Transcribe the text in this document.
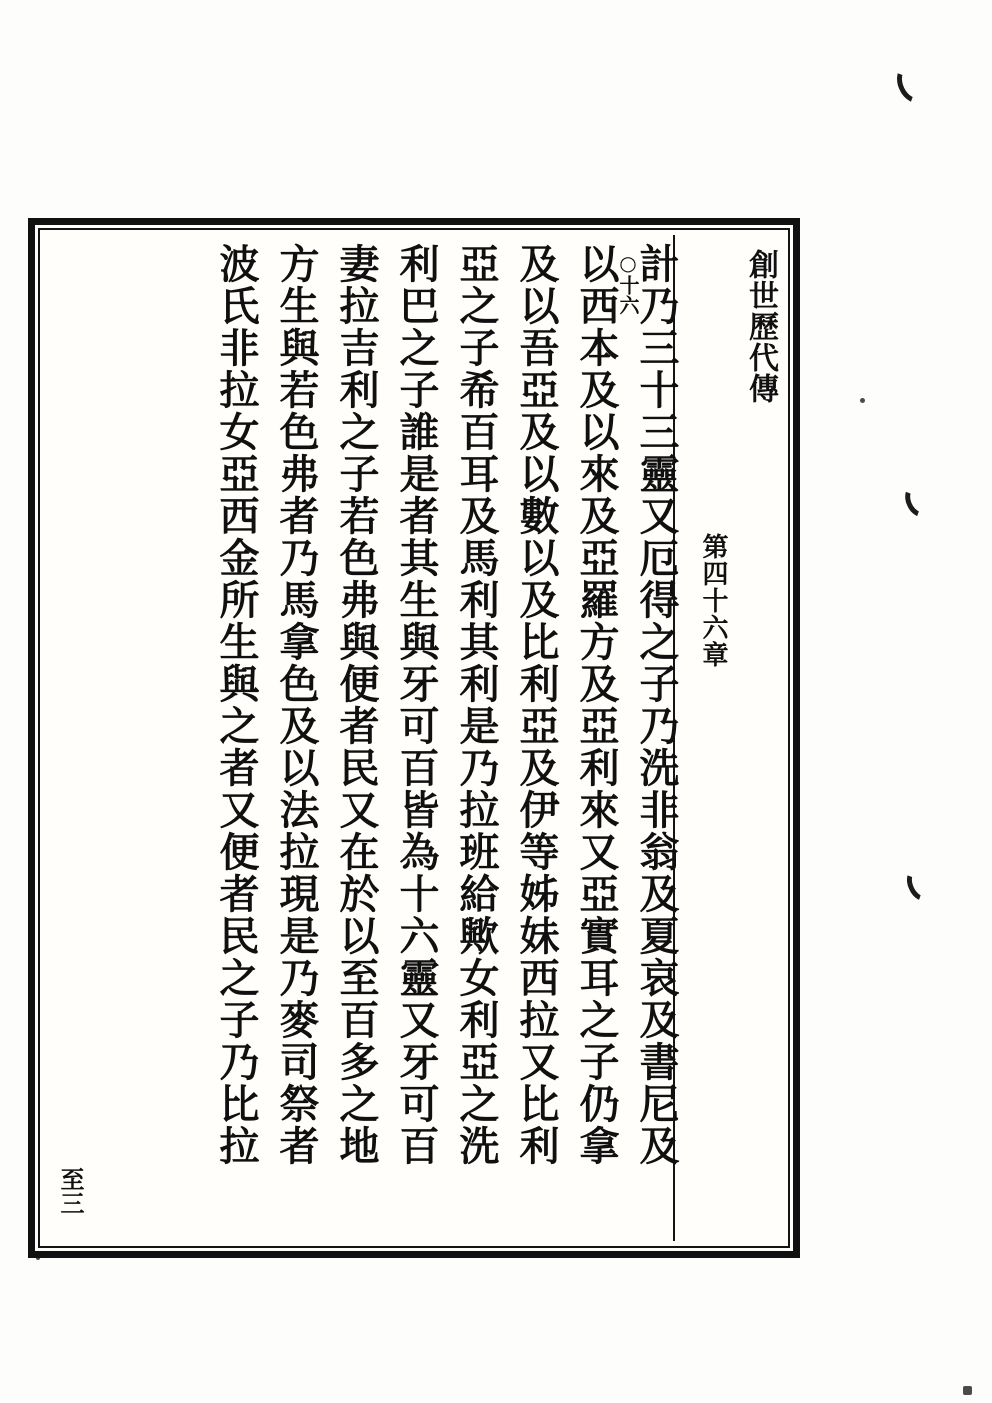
○十六	創世歷代傳
第四十六章
計乃三十三靈又厄得之子乃洗非翁及夏哀及書尼及
以西本及以來及亞羅方及亞利來又亞實耳之子仍拿
及以吾亞及以數以及比利亞及伊等姊妹西拉又比利
亞之子希百耳及馬利其利是乃拉班給歟女利亞之洗
利巴之子誰是者其生與牙可百皆為十六靈又牙可百
妻拉吉利之子若色弗與便者民又在於以至百多之地
方生與若色弗者乃馬拿色及以法拉現是乃麥司祭者
波氏非拉女亞西金所生與之者又便者民之子乃比拉
至三
